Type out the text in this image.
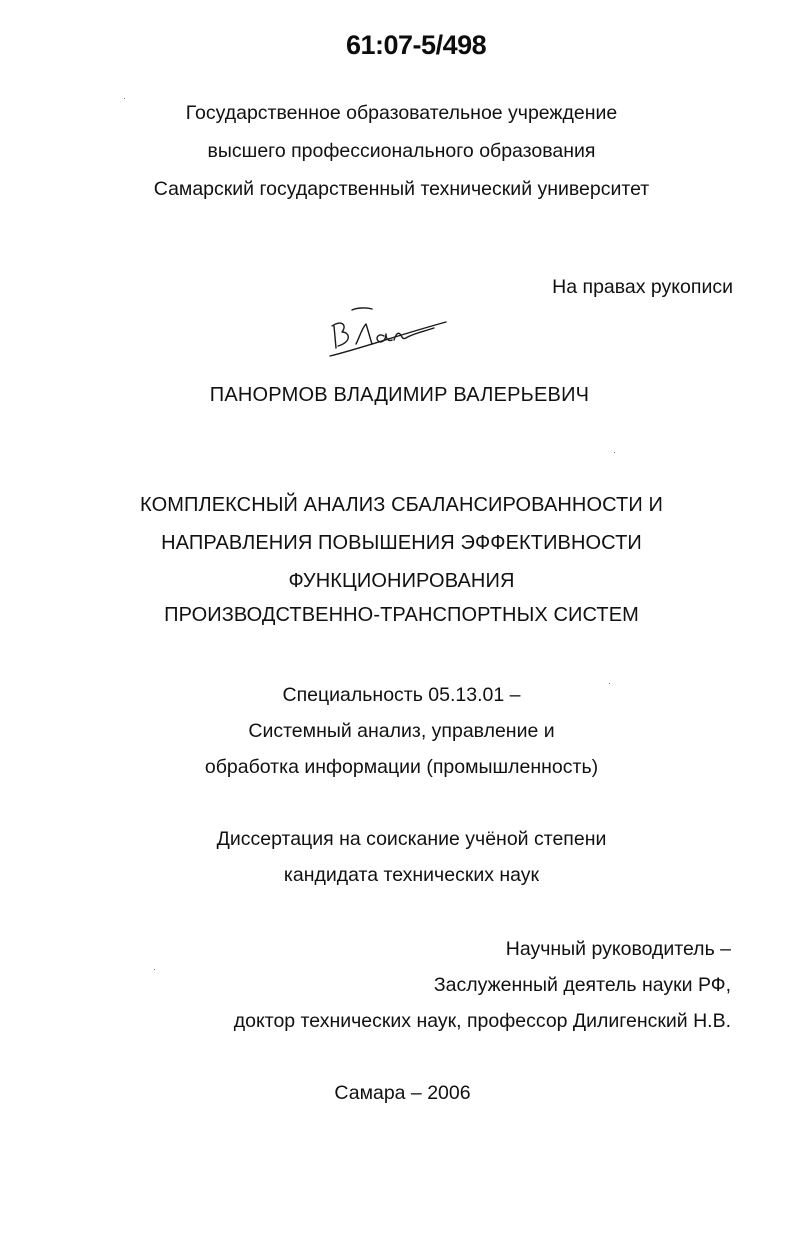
61:07-5/498
Государственное образовательное учреждение
высшего профессионального образования
Самарский государственный технический университет
На правах рукописи
ПАНОРМОВ ВЛАДИМИР ВАЛЕРЬЕВИЧ
КОМПЛЕКСНЫЙ АНАЛИЗ СБАЛАНСИРОВАННОСТИ И
НАПРАВЛЕНИЯ ПОВЫШЕНИЯ ЭФФЕКТИВНОСТИ
ФУНКЦИОНИРОВАНИЯ
ПРОИЗВОДСТВЕННО-ТРАНСПОРТНЫХ СИСТЕМ
Специальность 05.13.01 –
Системный анализ, управление и
обработка информации (промышленность)
Диссертация на соискание учёной степени
кандидата технических наук
Научный руководитель –
Заслуженный деятель науки РФ,
доктор технических наук, профессор Дилигенский Н.В.
Самара – 2006
